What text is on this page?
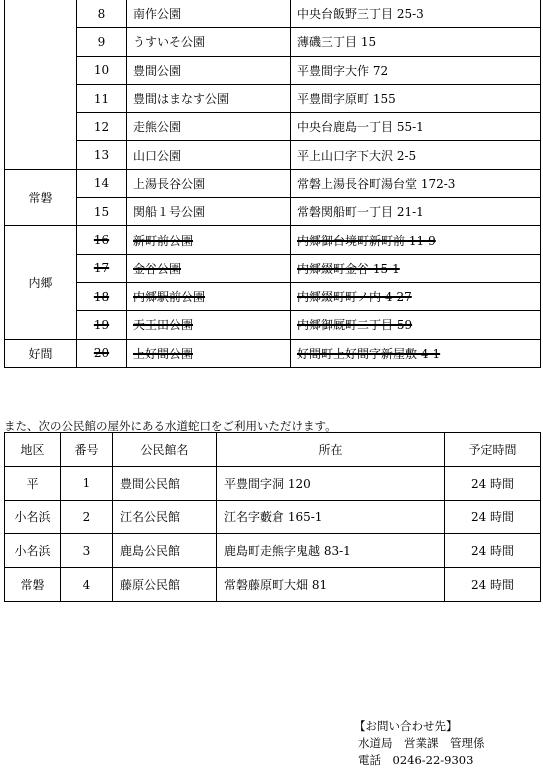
	8	南作公園	中央台飯野三丁目 25-3
	9	うすいそ公園	薄磯三丁目 15
	10	豊間公園	平豊間字大作 72
	11	豊間はまなす公園	平豊間字原町 155
	12	走熊公園	中央台鹿島一丁目 55-1
	13	山口公園	平上山口字下大沢 2-5
常磐	14	上湯長谷公園	常磐上湯長谷町湯台堂 172-3
	15	関船１号公園	常磐関船町一丁目 21-1
内郷	16	新町前公園	内郷御台境町新町前 11-9
	17	金谷公園	内郷綴町金谷 15-1
	18	内郷駅前公園	内郷綴町町ノ内 4-27
	19	天王田公園	内郷御厩町二丁目 59
好間	20	上好間公園	好間町上好間字新屋敷 4-1
また、次の公民館の屋外にある水道蛇口をご利用いただけます。
地区	番号	公民館名	所在	予定時間
平	1	豊間公民館	平豊間字洞 120	24 時間
小名浜	2	江名公民館	江名字藪倉 165-1	24 時間
小名浜	3	鹿島公民館	鹿島町走熊字鬼越 83-1	24 時間
常磐	4	藤原公民館	常磐藤原町大畑 81	24 時間
【お問い合わせ先】
水道局　営業課　管理係
電話　0246-22-9303
